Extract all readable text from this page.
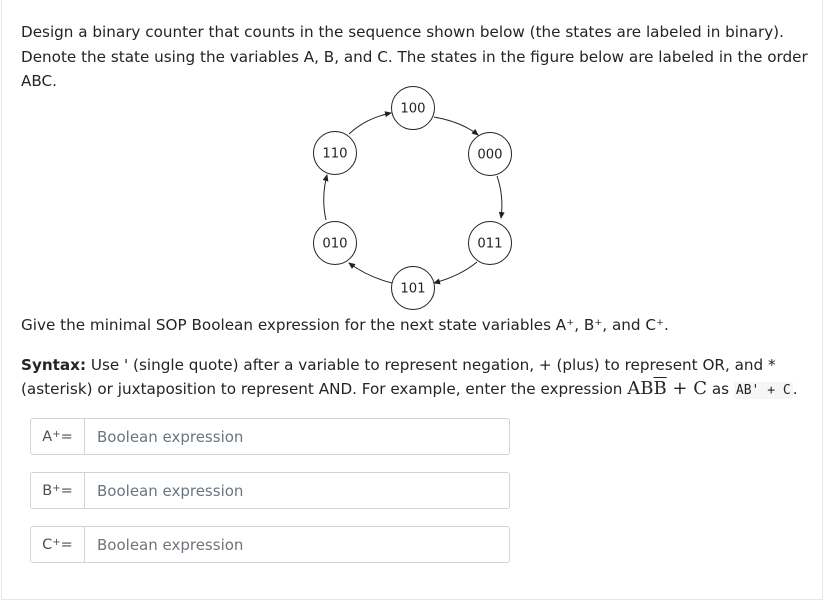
Design a binary counter that counts in the sequence shown below (the states are labeled in binary). Denote the state using the variables A, B, and C. The states in the figure below are labeled in the order ABC.

100
000
011
101
010
110

Give the minimal SOP Boolean expression for the next state variables A⁺, B⁺, and C⁺.

Syntax: Use ' (single quote) after a variable to represent negation, + (plus) to represent OR, and * (asterisk) or juxtaposition to represent AND. For example, enter the expression $AB\overline{B} + C$ as AB' + C .

A+ =
Boolean expression
B+ =
Boolean expression
C+ =
Boolean expression
